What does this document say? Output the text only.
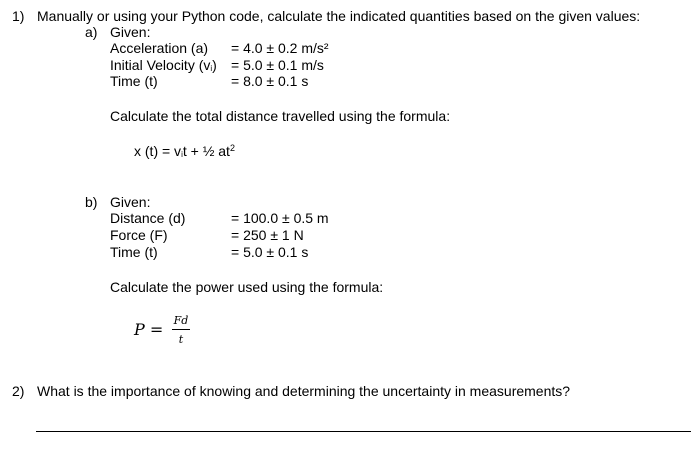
1) Manually or using your Python code, calculate the indicated quantities based on the given values:
a) Given:
Acceleration (a) = 4.0 ± 0.2 m/s²
Initial Velocity $(v_i) = 5.0 \pm 0.1$ m/s
Time (t)	= 8.0 ± 0.1 s
Calculate the total distance travelled using the formula:
x $(t) = v_it$ + ½ $at^2$
b) Given:
Distance (d)	= 100.0 ± 0.5 m
Force (F)	= 250 ± 1 N
Time (t)	= 5.0 ± 0.1 s
Calculate the power used using the formula:
P = Fd
t
2) What is the importance of knowing and determining the uncertainty in measurements?
